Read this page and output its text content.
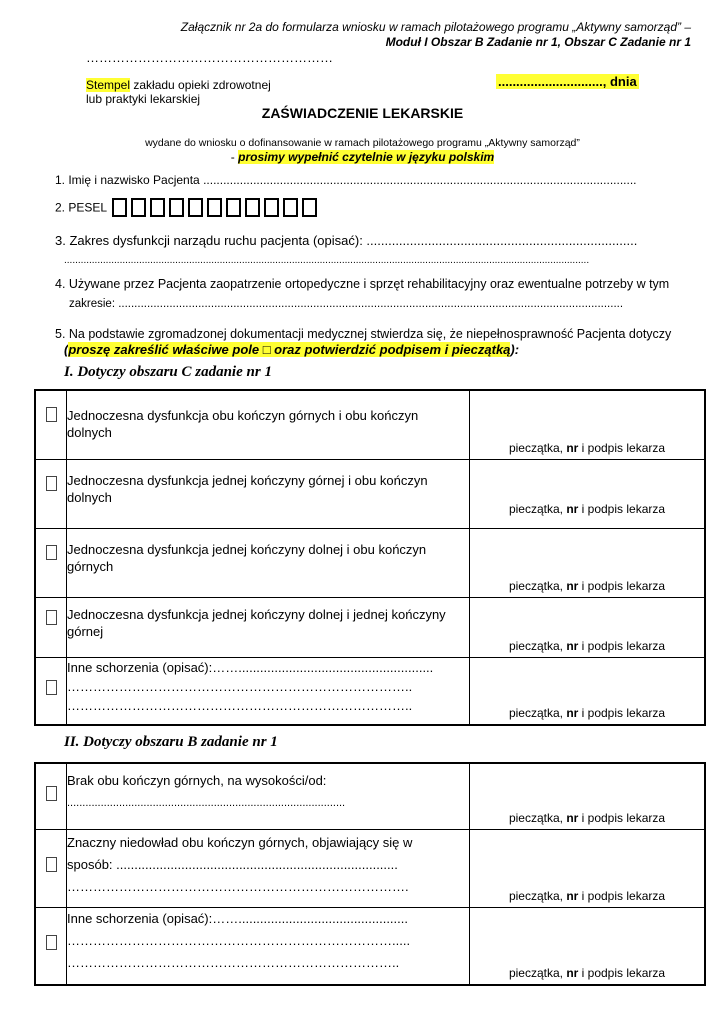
Załącznik nr 2a do formularza wniosku w ramach pilotażowego programu „Aktywny samorząd” –
Moduł I Obszar B Zadanie nr 1, Obszar C Zadanie nr 1
…………………………………………………
Stempel zakładu opieki zdrowotnej
lub praktyki lekarskiej
............................., dnia
ZAŚWIADCZENIE LEKARSKIE
wydane do wniosku o dofinansowanie w ramach pilotażowego programu „Aktywny samorząd”
- prosimy wypełnić czytelnie w języku polskim
1. Imię i nazwisko Pacjenta ..................................................................................................................................
2. PESEL
3. Zakres dysfunkcji narządu ruchu pacjenta (opisać): ...........................................................................
.............................................................................................................................................................................................
4. Używane przez Pacjenta zaopatrzenie ortopedyczne i sprzęt rehabilitacyjny oraz ewentualne potrzeby w tym
zakresie: ..............................................................................................................................................................
5. Na podstawie zgromadzonej dokumentacji medycznej stwierdza się, że niepełnosprawność Pacjenta dotyczy
(proszę zakreślić właściwe pole □ oraz potwierdzić podpisem i pieczątką):
I. Dotyczy obszaru C zadanie nr 1

	Jednoczesna dysfunkcja obu kończyn górnych i obu kończyn
dolnych	pieczątka, nr i podpis lekarza

	Jednoczesna dysfunkcja jednej kończyny górnej i obu kończyn
dolnych	pieczątka, nr i podpis lekarza

	Jednoczesna dysfunkcja jednej kończyny dolnej i obu kończyn
górnych	pieczątka, nr i podpis lekarza

	Jednoczesna dysfunkcja jednej kończyny dolnej i jednej kończyny
górnej	pieczątka, nr i podpis lekarza

	Inne schorzenia (opisać):……......................................................
……………………………………………………………………..
……………………………………………………………………..	pieczątka, nr i podpis lekarza
II. Dotyczy obszaru B zadanie nr 1

	Brak obu kończyn górnych, na wysokości/od:
...........................................................................................	pieczątka, nr i podpis lekarza

	Znaczny niedowład obu kończyn górnych, objawiający się w
sposób: ..............................................................................
…………………………………………………………………….	pieczątka, nr i podpis lekarza

	Inne schorzenia (opisać):……...............................................
………………………………………………………………….....
…………………………………………………………………..	pieczątka, nr i podpis lekarza
